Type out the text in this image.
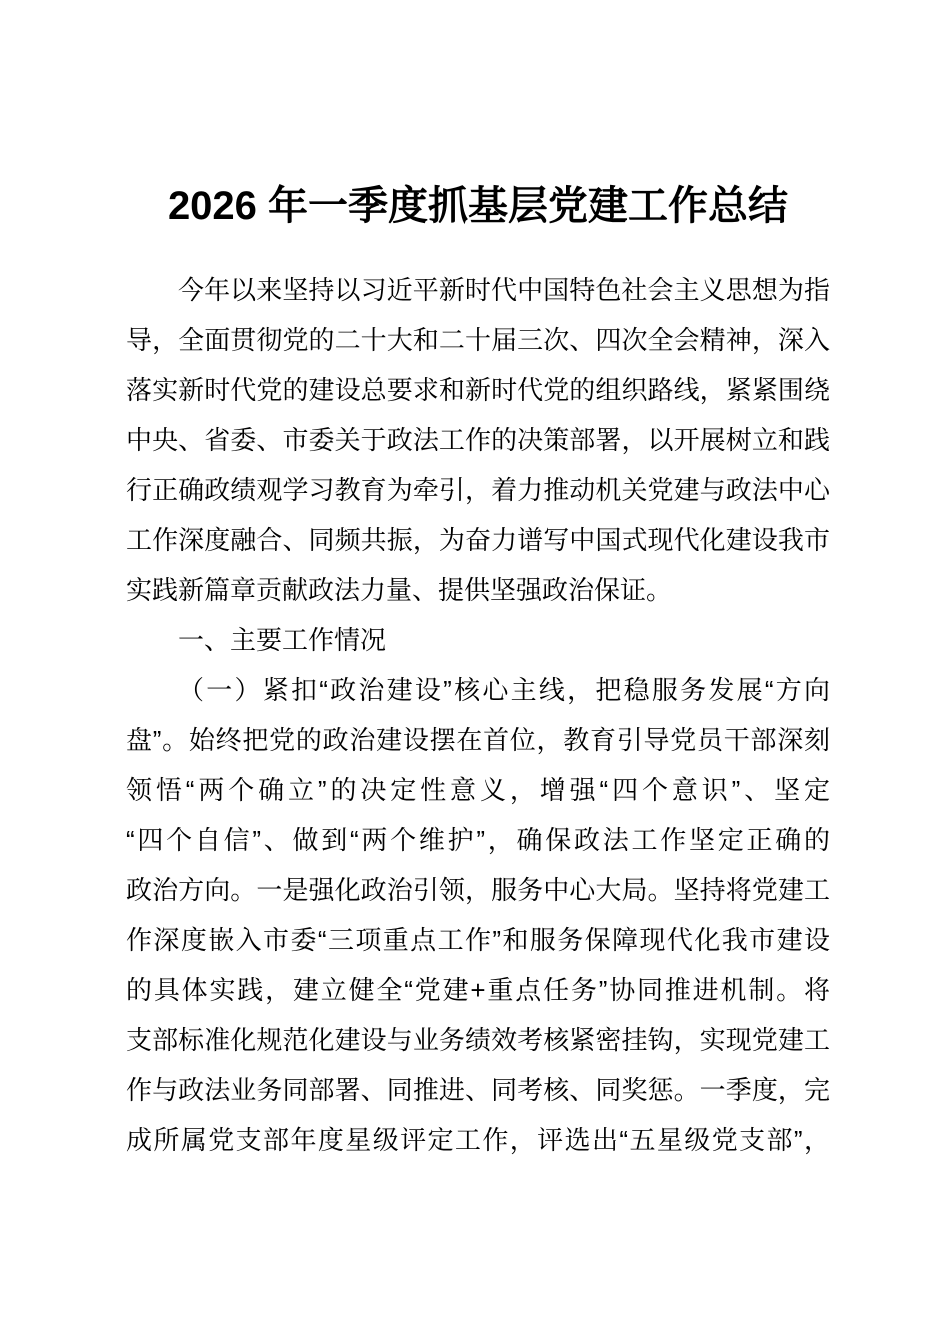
2026 年一季度抓基层党建工作总结
今年以来坚持以习近平新时代中国特色社会主义思想为指
导，全面贯彻党的二十大和二十届三次、四次全会精神，深入
落实新时代党的建设总要求和新时代党的组织路线，紧紧围绕
中央、省委、市委关于政法工作的决策部署，以开展树立和践
行正确政绩观学习教育为牵引，着力推动机关党建与政法中心
工作深度融合、同频共振，为奋力谱写中国式现代化建设我市
实践新篇章贡献政法力量、提供坚强政治保证。
一、主要工作情况
（一）紧扣“政治建设”核心主线，把稳服务发展“方向
盘”。始终把党的政治建设摆在首位，教育引导党员干部深刻
领悟“两个确立”的决定性意义，增强“四个意识”、坚定
“四个自信”、做到“两个维护”，确保政法工作坚定正确的
政治方向。一是强化政治引领，服务中心大局。坚持将党建工
作深度嵌入市委“三项重点工作”和服务保障现代化我市建设
的具体实践，建立健全“党建+重点任务”协同推进机制。将
支部标准化规范化建设与业务绩效考核紧密挂钩，实现党建工
作与政法业务同部署、同推进、同考核、同奖惩。一季度，完
成所属党支部年度星级评定工作，评选出“五星级党支部”，
